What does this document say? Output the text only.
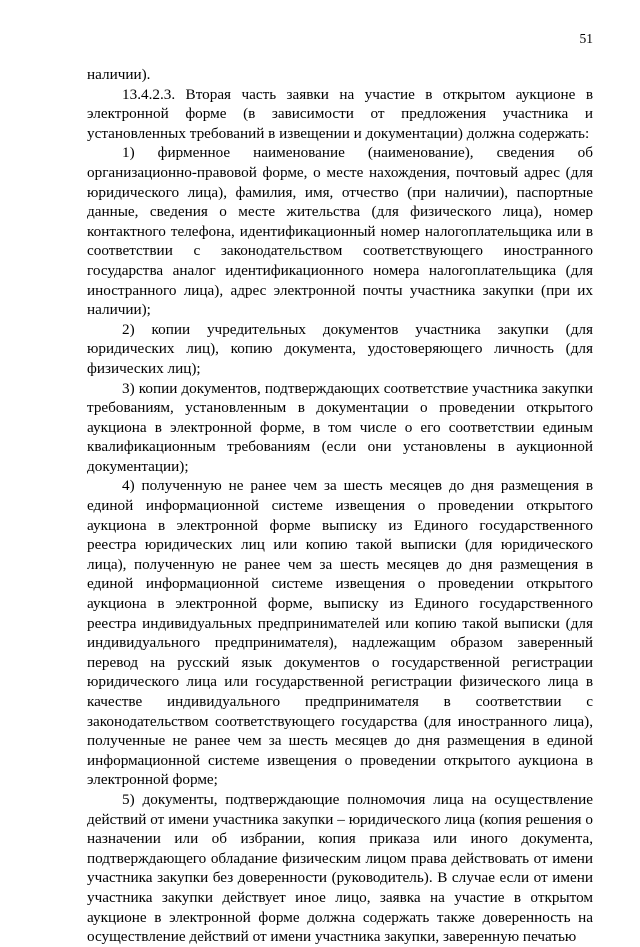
51

наличии).

13.4.2.3. Вторая часть заявки на участие в открытом аукционе в электронной форме (в зависимости от предложения участника и установленных требований в извещении и документации) должна содержать:

1) фирменное наименование (наименование), сведения об организационно-правовой форме, о месте нахождения, почтовый адрес (для юридического лица), фамилия, имя, отчество (при наличии), паспортные данные, сведения о месте жительства (для физического лица), номер контактного телефона, идентификационный номер налогоплательщика или в соответствии с законодательством соответствующего иностранного государства аналог идентификационного номера налогоплательщика (для иностранного лица), адрес электронной почты участника закупки (при их наличии);

2) копии учредительных документов участника закупки (для юридических лиц), копию документа, удостоверяющего личность (для физических лиц);

3) копии документов, подтверждающих соответствие участника закупки требованиям, установленным в документации о проведении открытого аукциона в электронной форме, в том числе о его соответствии единым квалификационным требованиям (если они установлены в аукционной документации);

4) полученную не ранее чем за шесть месяцев до дня размещения в единой информационной системе извещения о проведении открытого аукциона в электронной форме выписку из Единого государственного реестра юридических лиц или копию такой выписки (для юридического лица), полученную не ранее чем за шесть месяцев до дня размещения в единой информационной системе извещения о проведении открытого аукциона в электронной форме, выписку из Единого государственного реестра индивидуальных предпринимателей или копию такой выписки (для индивидуального предпринимателя), надлежащим образом заверенный перевод на русский язык документов о государственной регистрации юридического лица или государственной регистрации физического лица в качестве индивидуального предпринимателя в соответствии с законодательством соответствующего государства (для иностранного лица), полученные не ранее чем за шесть месяцев до дня размещения в единой информационной системе извещения о проведении открытого аукциона в электронной форме;

5) документы, подтверждающие полномочия лица на осуществление действий от имени участника закупки – юридического лица (копия решения о назначении или об избрании, копия приказа или иного документа, подтверждающего обладание физическим лицом права действовать от имени участника закупки без доверенности (руководитель). В случае если от имени участника закупки действует иное лицо, заявка на участие в открытом аукционе в электронной форме должна содержать также доверенность на осуществление действий от имени участника закупки, заверенную печатью
